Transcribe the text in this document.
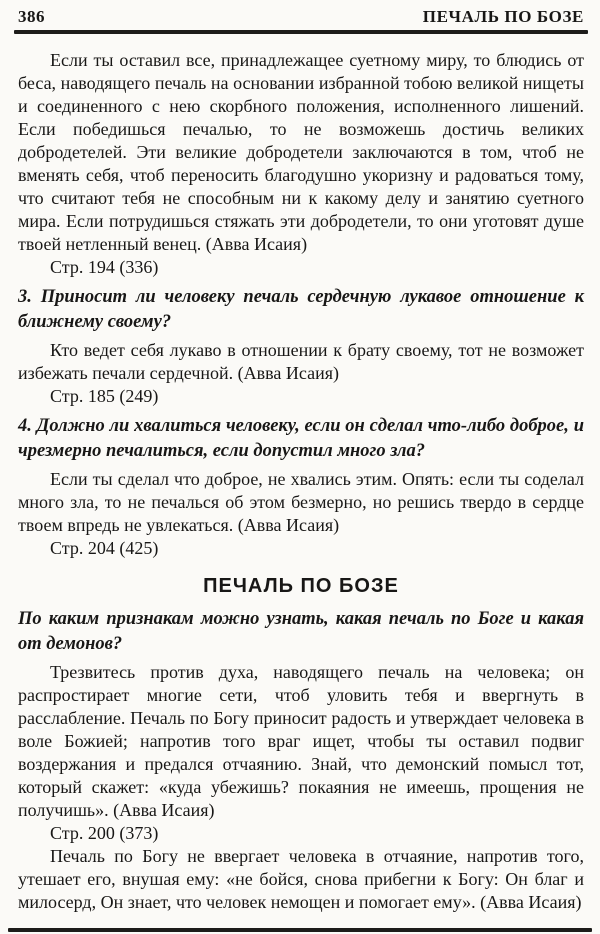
386	ПЕЧАЛЬ ПО БОЗЕ

Если ты оставил все, принадлежащее суетному миру, то блюдись от беса, наводящего печаль на основании избранной тобою великой нищеты и соединенного с нею скорбного положения, исполненного лишений. Если победишься печалью, то не возможешь достичь великих добродетелей. Эти великие добродетели заключаются в том, чтоб не вменять себя, чтоб переносить благодушно укоризну и радоваться тому, что считают тебя не способным ни к какому делу и занятию суетного мира. Если потрудишься стяжать эти добродетели, то они уготовят душе твоей нетленный венец. (Авва Исаия)

Стр. 194 (336)

3. Приносит ли человеку печаль сердечную лукавое отношение к ближнему своему?

Кто ведет себя лукаво в отношении к брату своему, тот не возможет избежать печали сердечной. (Авва Исаия)

Стр. 185 (249)

4. Должно ли хвалиться человеку, если он сделал что-либо доброе, и чрезмерно печалиться, если допустил много зла?

Если ты сделал что доброе, не хвались этим. Опять: если ты соделал много зла, то не печалься об этом безмерно, но решись твердо в сердце твоем впредь не увлекаться. (Авва Исаия)

Стр. 204 (425)

ПЕЧАЛЬ ПО БОЗЕ
По каким признакам можно узнать, какая печаль по Боге и какая от демонов?

Трезвитесь против духа, наводящего печаль на человека; он распростирает многие сети, чтоб уловить тебя и ввергнуть в расслабление. Печаль по Богу приносит радость и утверждает человека в воле Божией; напротив того враг ищет, чтобы ты оставил подвиг воздержания и предался отчаянию. Знай, что демонский помысл тот, который скажет: «куда убежишь? покаяния не имеешь, прощения не получишь». (Авва Исаия)

Стр. 200 (373)

Печаль по Богу не ввергает человека в отчаяние, напротив того, утешает его, внушая ему: «не бойся, снова прибегни к Богу: Он благ и милосерд, Он знает, что человек немощен и помогает ему». (Авва Исаия)
